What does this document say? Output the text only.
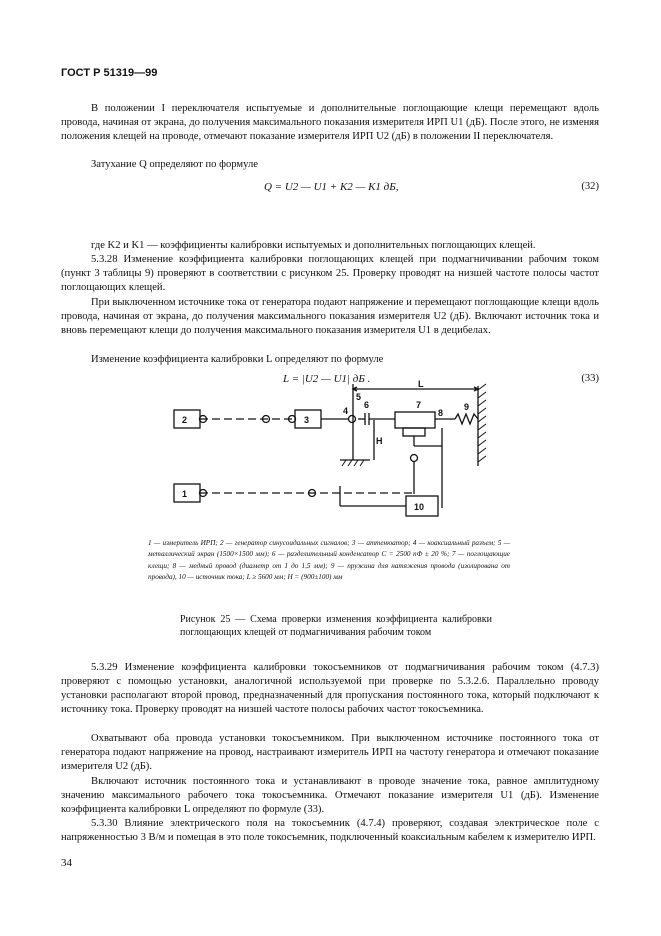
ГОСТ Р 51319—99

В положении I переключателя испытуемые и дополнительные поглощающие клещи перемещают вдоль провода, начиная от экрана, до получения максимального показания измерителя ИРП U1 (дБ). После этого, не изменяя положения клещей на проводе, отмечают показание измерителя ИРП U2 (дБ) в положении II переключателя.

Затухание Q определяют по формуле

Q = U2 — U1 + K2 — K1 дБ,	(32)

где K2 и K1 — коэффициенты калибровки испытуемых и дополнительных поглощающих клещей.

5.3.28 Изменение коэффициента калибровки поглощающих клещей при подмагничивании рабочим током (пункт 3 таблицы 9) проверяют в соответствии с рисунком 25. Проверку проводят на низшей частоте полосы частот поглощающих клещей.

При выключенном источнике тока от генератора подают напряжение и перемещают поглощающие клещи вдоль провода, начиная от экрана, до получения максимального показания измерителя U2 (дБ). Включают источник тока и вновь перемещают клещи до получения максимального показания измерителя U1 в децибелах.

Изменение коэффициента калибровки L определяют по формуле

L = |U2 — U1| дБ .	(33)
2	3
1
4
5
6	7
8
9
10
L
H

1 — измеритель ИРП; 2 — генератор синусоидальных сигналов; 3 — аттенюатор; 4 — коаксиальный разъем; 5 — металлический экран (1500×1500 мм); 6 — разделительный конденсатор C = 2500 пФ ± 20 %; 7 — поглощающие клещи; 8 — медный провод (диаметр от 1 до 1,5 мм); 9 — пружина для натяжения провода (изолирована от провода), 10 — источник тока; L ≥ 5600 мм; H = (900±100) мм

Рисунок 25 — Схема проверки изменения коэффициента калибровки поглощающих клещей от подмагничивания рабочим током

5.3.29 Изменение коэффициента калибровки токосъемников от подмагничивания рабочим током (4.7.3) проверяют с помощью установки, аналогичной используемой при проверке по 5.3.2.6. Параллельно проводу установки располагают второй провод, предназначенный для пропускания постоянного тока, который подключают к источнику тока. Проверку проводят на низшей частоте полосы рабочих частот токосъемника.

Охватывают оба провода установки токосъемником. При выключенном источнике постоянного тока от генератора подают напряжение на провод, настраивают измеритель ИРП на частоту генератора и отмечают показание измерителя U2 (дБ).

Включают источник постоянного тока и устанавливают в проводе значение тока, равное амплитудному значению максимального рабочего тока токосъемника. Отмечают показание измерителя U1 (дБ). Изменение коэффициента калибровки L определяют по формуле (33).

5.3.30 Влияние электрического поля на токосъемник (4.7.4) проверяют, создавая электрическое поле с напряженностью 3 В/м и помещая в это поле токосъемник, подключенный коаксиальным кабелем к измерителю ИРП.

34
